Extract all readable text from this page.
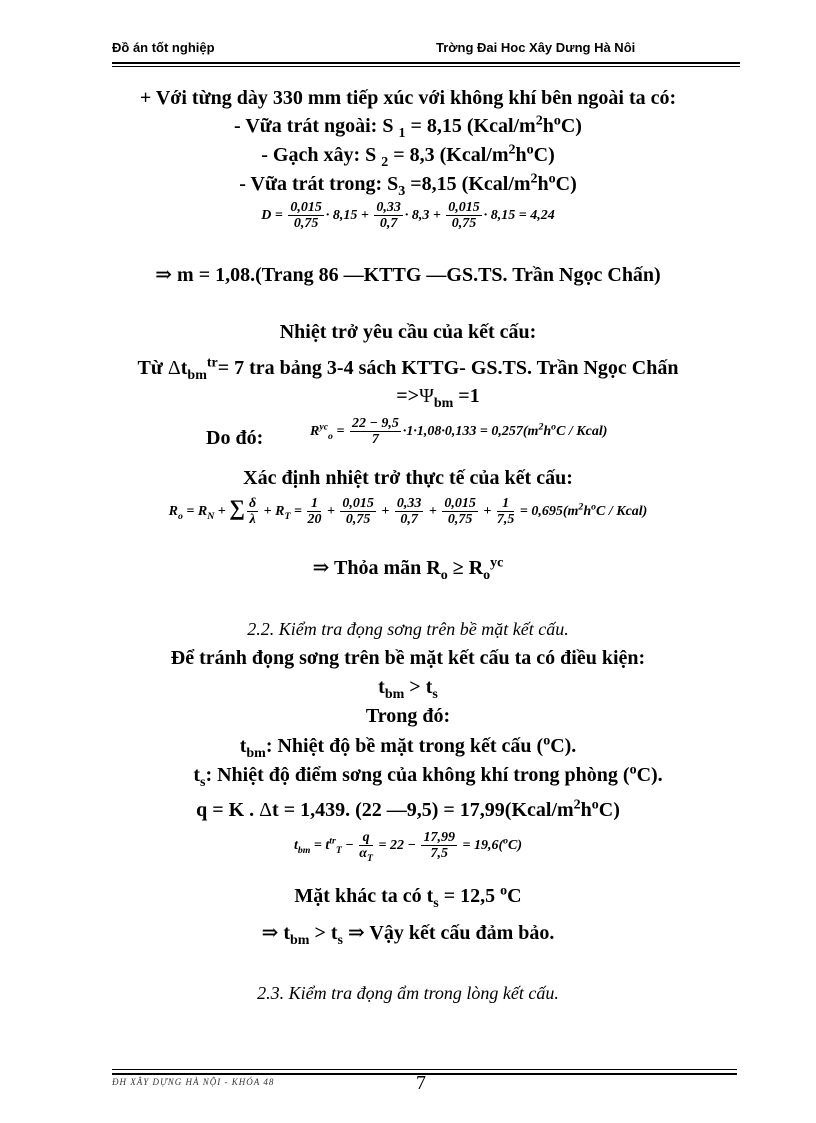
Đồ án tốt nghiệp	Trờng Đai Hoc Xây Dưng Hà Nôi
+ Với từng dày 330 mm tiếp xúc với không khí bên ngoài ta có:
- Vữa trát ngoài: S $_1$ = 8,15 $(Kcal/m^2h^oC)$
- Gạch xây: S $_2$ = 8,3 $(Kcal/m^2h^oC)$
- Vữa trát trong: $S_3 =8,15$ $(Kcal/m^2h^oC)$
$D = \frac{0,015}{0,75} \cdot 8,15 + \frac{0,33}{0,7} \cdot 8,3 + \frac{0,015}{0,75} \cdot 8,15 = 4,24$
⇒ m = 1,08.(Trang 86 —KTTG —GS.TS. Trần Ngọc Chấn)
Nhiệt trở yêu cầu của kết cấu:
Từ $\Delta t_{bm}^{tr}= 7$ tra bảng 3-4 sách KTTG- GS.TS. Trần Ngọc Chấn
$=>\Psi_{bm} =1$
Do đó:	$R^{yc}_o = \frac{22 - 9,5}{7} \cdot 1\cdot 1,08\cdot 0,133 = 0,257(m^2h^oC$ / Kcal)
Xác định nhiệt trở thực tế của kết cấu:
$R_o = R_N$ + ∑ $\frac{\delta}{\lambda} + R_T = \frac{1}{20} + \frac{0,015}{0,75} + \frac{0,33}{0,7} + \frac{0,015}{0,75} + \frac{1}{7,5} = 0,695(m^2h^oC$ / Kcal)
⇒ Thỏa mãn $R_o \ge R_o^{yc}$
2.2. Kiểm tra đọng sơng trên bề mặt kết cấu.
Để tránh đọng sơng trên bề mặt kết cấu ta có điều kiện:
$t_{bm} > t_s$
Trong đó:
$t_{bm}$: Nhiệt độ bề mặt trong kết cấu ($^o$C).
$t_s$: Nhiệt độ điểm sơng của không khí trong phòng ($^o$C).
q = K . Δt = 1,439. (22 —9,5) = $17,99(Kcal/m^2h^oC)$
$t_{bm} = t^{tr}_T - \frac{q}{\alpha_T} = 22 - \frac{17,99}{7,5} = 19,6(^oC)$
Mặt khác ta có $t_s = 12,5$ $^o$C
⇒ $t_{bm} > t_s$ ⇒ Vậy kết cấu đảm bảo.
2.3. Kiểm tra đọng ẩm trong lòng kết cấu.
ĐH XÂY DỰNG HÀ NỘI - KHÓA 48	7
